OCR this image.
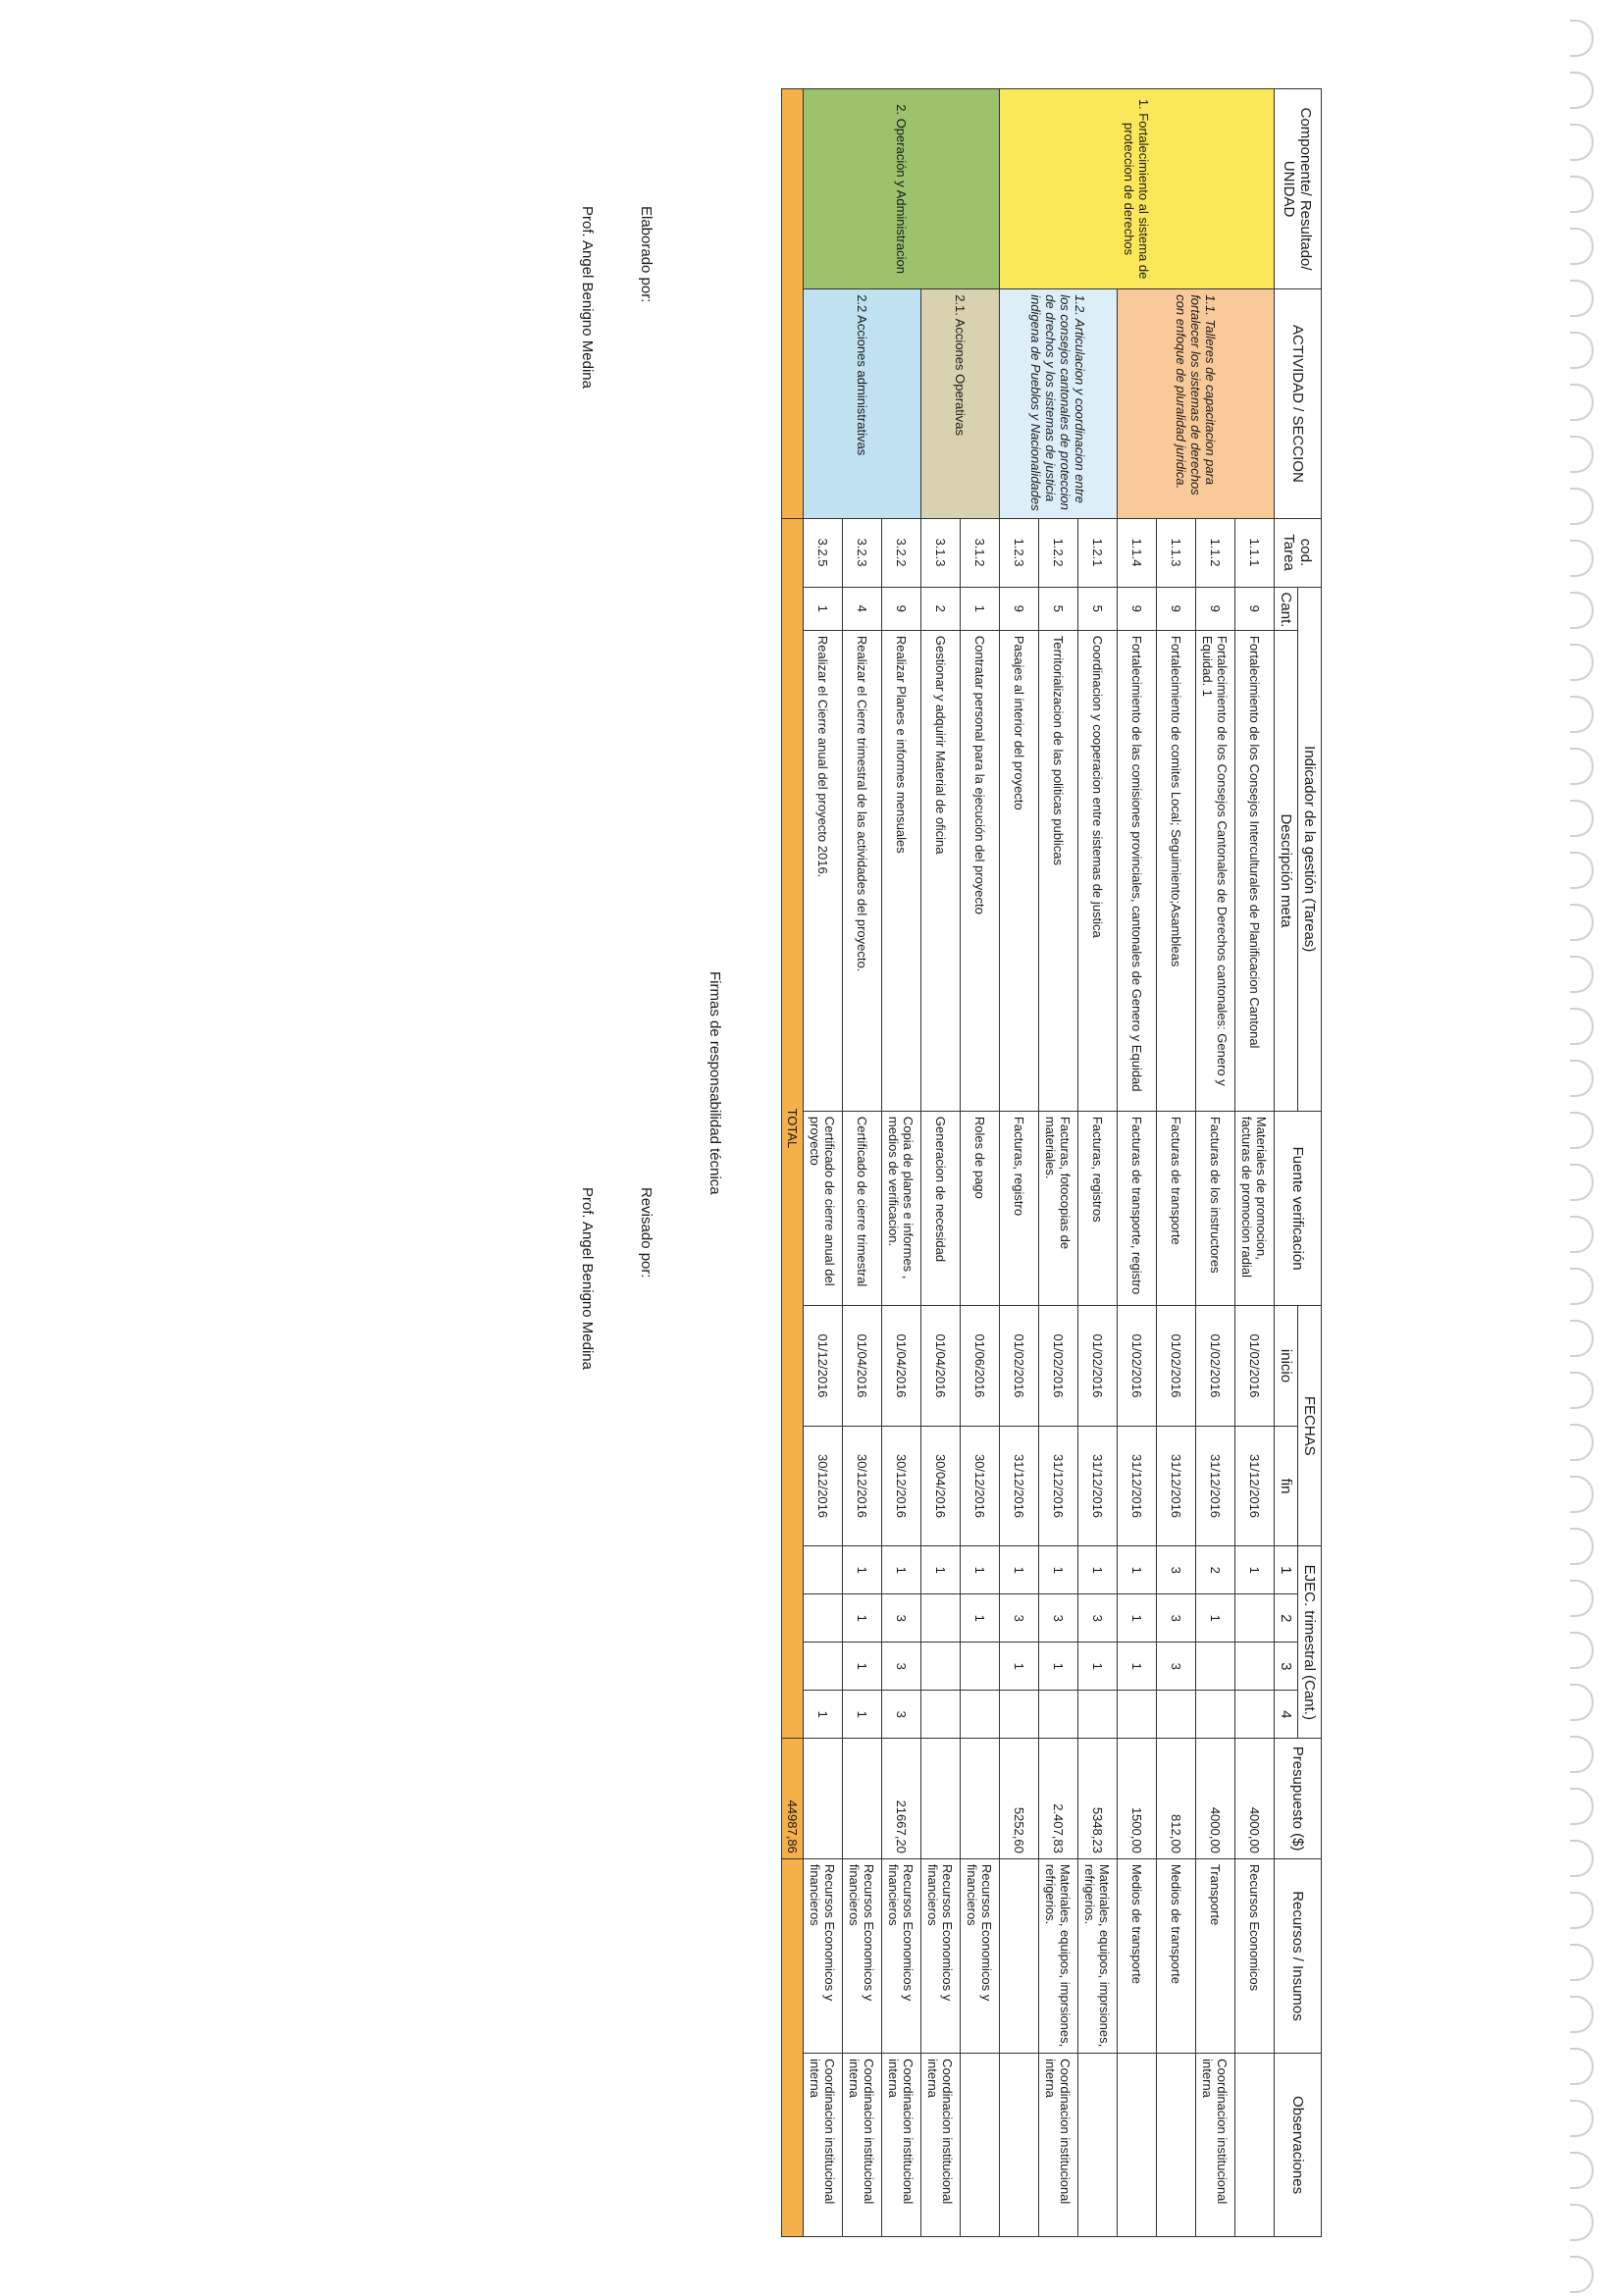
Componente/ Resultado/ UNIDAD	ACTIVIDAD / SECCION	cod. Tarea	Indicador de la gestión (Tareas)		Fuente verificación	FECHAS		EJEC. trimestral (Cant.)				Presupuesto ($)	Recursos / Insumos	Observaciones
			Cant.	Descripción meta		inicio	fin	1	2	3	4			
1. Fortalecimiento al sistema de proteccion de derechos	1.1. Talleres de capacitacion para fortalecer los sistemas de derechos con enfoque de pluralidad juridica.	1.1.1	9	Fortalecimiento de los Consejos Interculturales de Planificacion Cantonal	Materiales de promocion, facturas de promocion radial	01/02/2016	31/12/2016	1				4000,00	Recursos Economicos	
		1.1.2	9	Fortalecimiento de los Consejos Cantonales de Derechos cantonales: Genero y Equidad. 1	Facturas de los instructores	01/02/2016	31/12/2016	2	1			4000,00	Transporte	Coordinacion institucional interna
		1.1.3	9	Fortalecimiento de comites Local; Seguimiento;Asambleas	Facturas de transporte	01/02/2016	31/12/2016	3	3	3		812,00	Medios de transporte	
		1.1.4	9	Fortalecimiento de las comisiones provinciales, cantonales de Genero y Equidad	Facturas de transporte, registro	01/02/2016	31/12/2016	1	1	1		1500,00	Medios de transporte	
	1.2. Articulacion y coordinacion entre los consejos cantonales de proteccion de drechos y los sistemas de justicia indigena de Pueblos y Nacionalidades	1.2.1	5	Coordinacion y cooperacion entre sistemas de justica	Facturas, registros	01/02/2016	31/12/2016	1	3	1		5348,23	Materiales, equipos, imprsiones, refrigerios.	
		1.2.2	5	Territorializacion de las politicas publicas	Facturas, fotocopias de materiales.	01/02/2016	31/12/2016	1	3	1		2.407,83	Materiales, equipos, imprsiones, refrigerios.	Coordinacion institucional interna
		1.2.3	9	Pasajes al interior del proyecto	Facturas, registro	01/02/2016	31/12/2016	1	3	1		5252,60		
2. Operación y Administracion	2.1. Acciones Operativas	3.1.2	1	Contratar personal para la ejecución del proyecto	Roles de pago	01/06/2016	30/12/2016	1	1				Recursos Economicos y financieros	
		3.1.3	2	Gestionar y adquirir Material de oficina	Generacion de necesidad	01/04/2016	30/04/2016	1					Recursos Economicos y financieros	Coordinacion institucional interna
	2.2 Acciones administrativas	3.2.2	9	Realizar Planes e informes mensuales	Copia de planes e informes , medios de verificacion.	01/04/2016	30/12/2016	1	3	3	3	21667,20	Recursos Economicos y financieros	Coordinacion institucional interna
		3.2.3	4	Realizar el Cierre trimestral de las actividades del proyecto.	Certificado de cierre trimestral	01/04/2016	30/12/2016	1	1	1	1		Recursos Economicos y financieros	Coordinacion institucional interna
		3.2.5	1	Realizar el Cierre anual del proyecto 2016.	Certificado de cierre anual del proyecto	01/12/2016	30/12/2016				1		Recursos Economicos y financieros	Coordinacion institucional interna
		TOTAL										44987,86		
Firmas de responsabilidad técnica
Elaborado por:
Revisado por:
Prof. Angel Benigno Medina
Prof. Angel Benigno Medina
